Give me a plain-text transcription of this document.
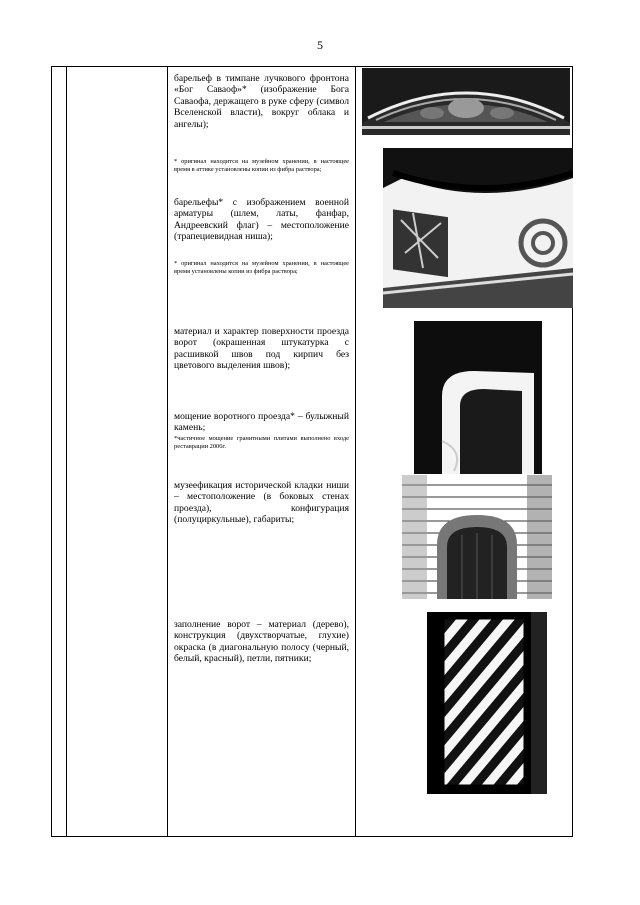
5
барельеф в тимпане лучкового фронтона «Бог Саваоф»* (изображение Бога Саваофа, держащего в руке сферу (символ Вселенской власти), вокруг облака и ангелы);
* оригинал находится на музейном хранении, в настоящее время в аттике установлены копии из фибра раствора;
барельефы* с изображением военной арматуры (шлем, латы, фанфар, Андреевский флаг) – местоположение (трапециевидная ниша);
* оригинал находится на музейном хранении, в настоящее время установлены копии из фибра раствора;
материал и характер поверхности проезда ворот (окрашенная штукатурка с расшивкой швов под кирпич без цветового выделения швов);
мощение воротного проезда* – булыжный камень;
*частичное мощение гранитными плитами выполнено входе реставрации 2006г.
музеефикация исторической кладки ниши – местоположение (в боковых стенах проезда), конфигурация (полуциркульные), габариты;
заполнение ворот – материал (дерево), конструкция (двухстворчатые, глухие) окраска (в диагональную полосу (черный, белый, красный), петли, пятники;
